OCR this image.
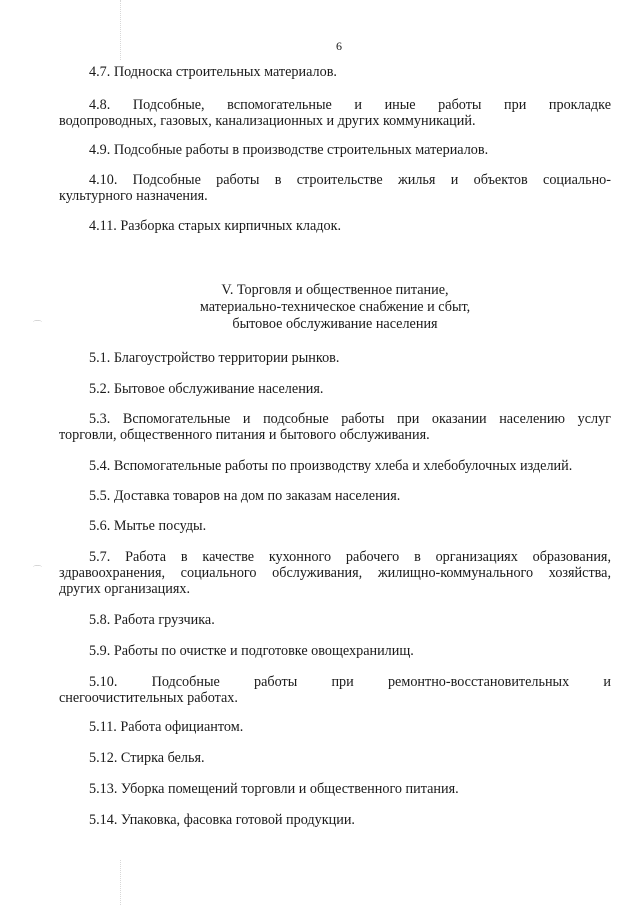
⌒
⌒
6
4.7. Подноска строительных материалов.
4.8. Подсобные, вспомогательные и иные работы при прокладке
водопроводных, газовых, канализационных и других коммуникаций.
4.9. Подсобные работы в производстве строительных материалов.
4.10. Подсобные работы в строительстве жилья и объектов социально-
культурного назначения.
4.11. Разборка старых кирпичных кладок.
V. Торговля и общественное питание,
материально-техническое снабжение и сбыт,
бытовое обслуживание населения
5.1. Благоустройство территории рынков.
5.2. Бытовое обслуживание населения.
5.3. Вспомогательные и подсобные работы при оказании населению услуг
торговли, общественного питания и бытового обслуживания.
5.4. Вспомогательные работы по производству хлеба и хлебобулочных изделий.
5.5. Доставка товаров на дом по заказам населения.
5.6. Мытье посуды.
5.7. Работа в качестве кухонного рабочего в организациях образования,
здравоохранения, социального обслуживания, жилищно-коммунального хозяйства,
других организациях.
5.8. Работа грузчика.
5.9. Работы по очистке и подготовке овощехранилищ.
5.10. Подсобные работы при ремонтно-восстановительных и
снегоочистительных работах.
5.11. Работа официантом.
5.12. Стирка белья.
5.13. Уборка помещений торговли и общественного питания.
5.14. Упаковка, фасовка готовой продукции.
